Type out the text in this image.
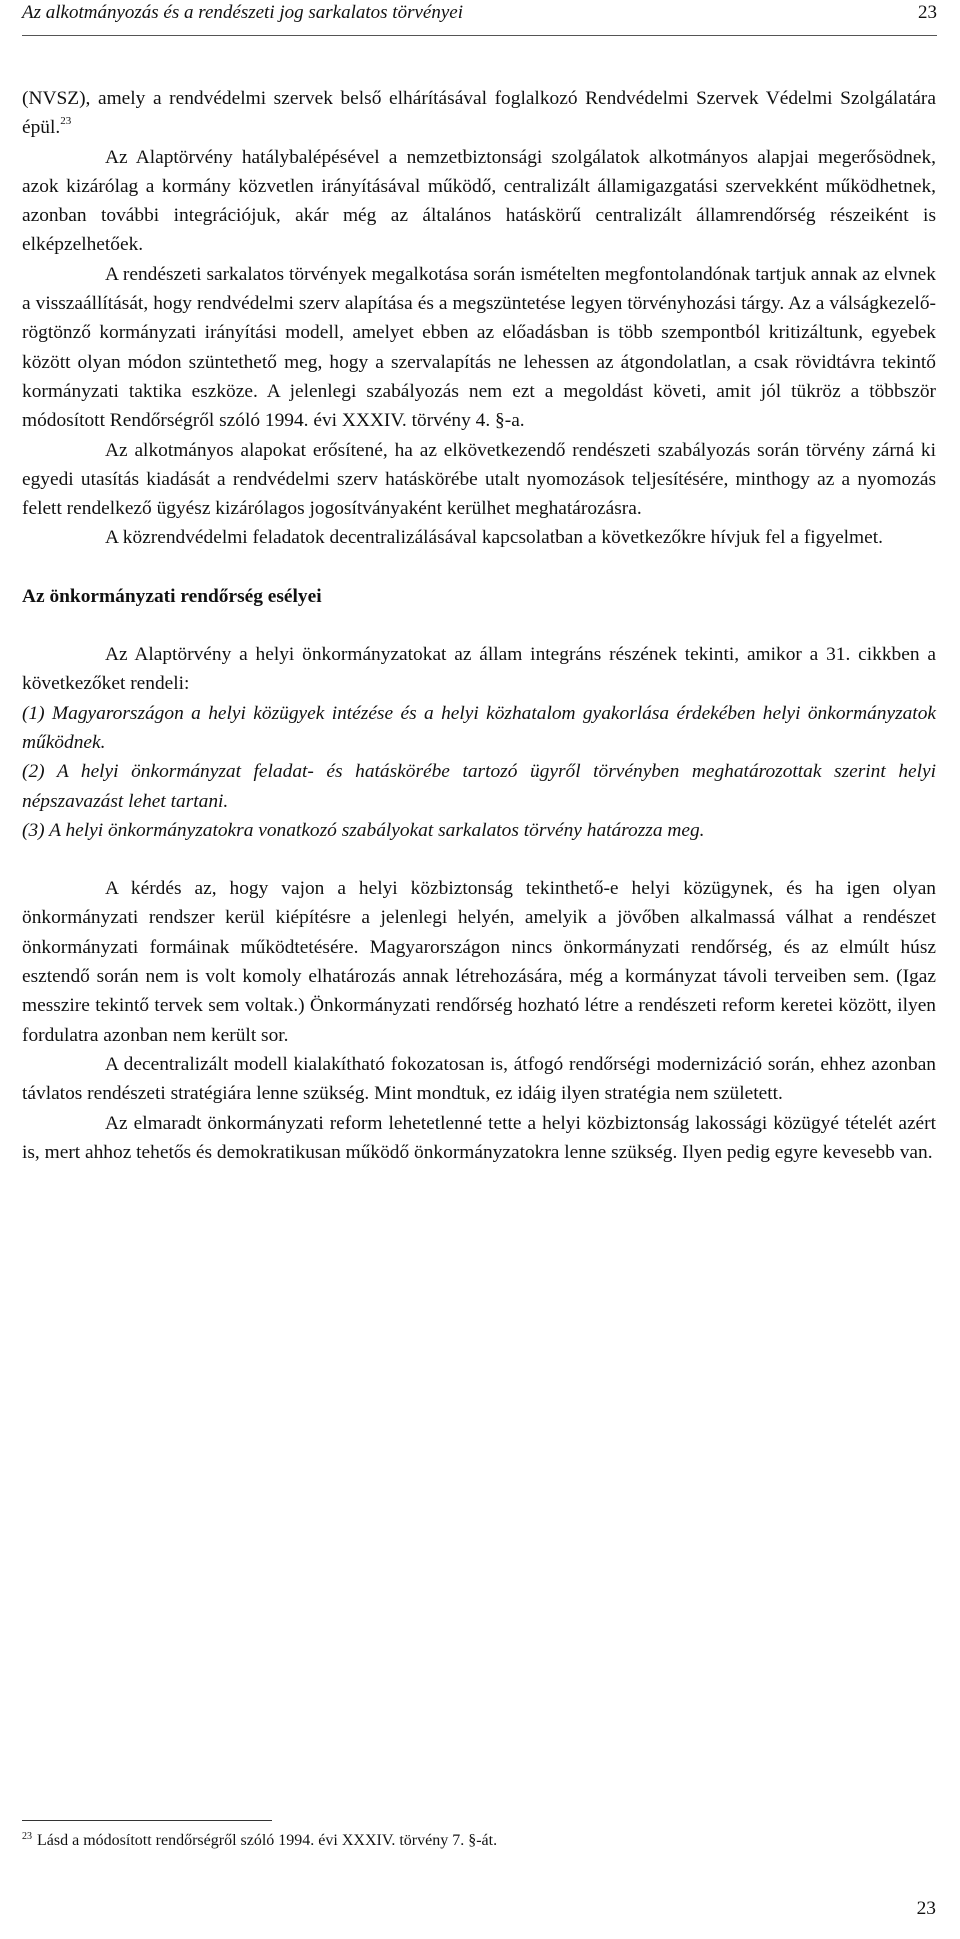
Az alkotmányozás és a rendészeti jog sarkalatos törvényei	23

(NVSZ), amely a rendvédelmi szervek belső elhárításával foglalkozó Rendvédelmi Szervek Védelmi Szolgálatára épül.$^{23}$

Az Alaptörvény hatálybalépésével a nemzetbiztonsági szolgálatok alkotmányos alapjai megerősödnek, azok kizárólag a kormány közvetlen irányításával működő, centralizált államigazgatási szervekként működhetnek, azonban további integrációjuk, akár még az általános hatáskörű centralizált államrendőrség részeiként is elképzelhetőek.

A rendészeti sarkalatos törvények megalkotása során ismételten megfontolandónak tartjuk annak az elvnek a visszaállítását, hogy rendvédelmi szerv alapítása és a megszüntetése legyen törvényhozási tárgy. Az a válságkezelő-rögtönző kormányzati irányítási modell, amelyet ebben az előadásban is több szempontból kritizáltunk, egyebek között olyan módon szüntethető meg, hogy a szervalapítás ne lehessen az átgondolatlan, a csak rövidtávra tekintő kormányzati taktika eszköze. A jelenlegi szabályozás nem ezt a megoldást követi, amit jól tükröz a többször módosított Rendőrségről szóló 1994. évi XXXIV. törvény 4. §-a.

Az alkotmányos alapokat erősítené, ha az elkövetkezendő rendészeti szabályozás során törvény zárná ki egyedi utasítás kiadását a rendvédelmi szerv hatáskörébe utalt nyomozások teljesítésére, minthogy az a nyomozás felett rendelkező ügyész kizárólagos jogosítványaként kerülhet meghatározásra.

A közrendvédelmi feladatok decentralizálásával kapcsolatban a következőkre hívjuk fel a figyelmet.

Az önkormányzati rendőrség esélyei

Az Alaptörvény a helyi önkormányzatokat az állam integráns részének tekinti, amikor a 31. cikkben a következőket rendeli:

(1) Magyarországon a helyi közügyek intézése és a helyi közhatalom gyakorlása érdekében helyi önkormányzatok működnek.

(2) A helyi önkormányzat feladat- és hatáskörébe tartozó ügyről törvényben meghatározottak szerint helyi népszavazást lehet tartani.

(3) A helyi önkormányzatokra vonatkozó szabályokat sarkalatos törvény határozza meg.

A kérdés az, hogy vajon a helyi közbiztonság tekinthető-e helyi közügynek, és ha igen olyan önkormányzati rendszer kerül kiépítésre a jelenlegi helyén, amelyik a jövőben alkalmassá válhat a rendészet önkormányzati formáinak működtetésére. Magyarországon nincs önkormányzati rendőrség, és az elmúlt húsz esztendő során nem is volt komoly elhatározás annak létrehozására, még a kormányzat távoli terveiben sem. (Igaz messzire tekintő tervek sem voltak.) Önkormányzati rendőrség hozható létre a rendészeti reform keretei között, ilyen fordulatra azonban nem került sor.

A decentralizált modell kialakítható fokozatosan is, átfogó rendőrségi modernizáció során, ehhez azonban távlatos rendészeti stratégiára lenne szükség. Mint mondtuk, ez idáig ilyen stratégia nem született.

Az elmaradt önkormányzati reform lehetetlenné tette a helyi közbiztonság lakossági közügyé tételét azért is, mert ahhoz tehetős és demokratikusan működő önkormányzatokra lenne szükség. Ilyen pedig egyre kevesebb van.

$^{23}$ Lásd a módosított rendőrségről szóló 1994. évi XXXIV. törvény 7. §-át.
23
